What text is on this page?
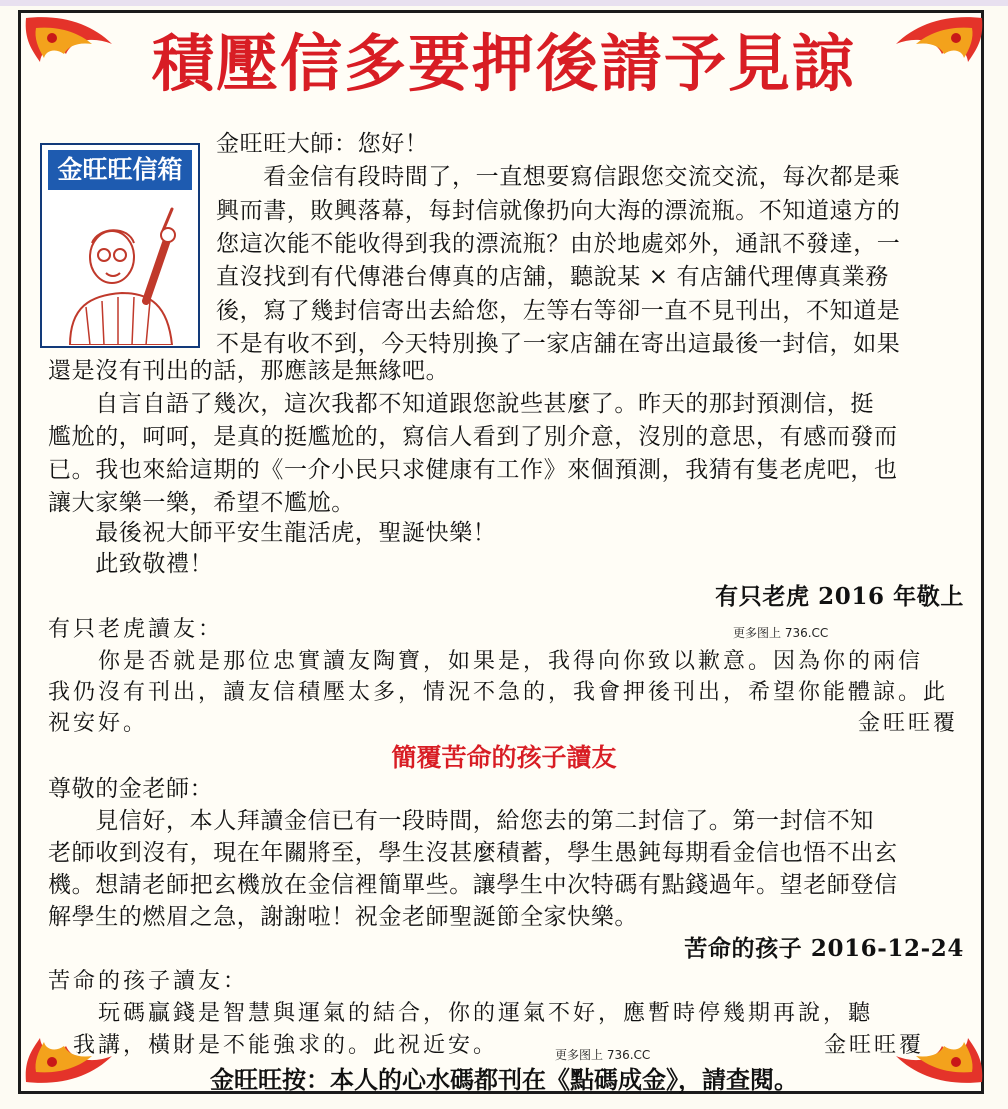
積壓信多要押後請予見諒
金旺旺信箱
金旺旺大師：您好！
　　看金信有段時間了，一直想要寫信跟您交流交流，每次都是乘
興而書，敗興落幕，每封信就像扔向大海的漂流瓶。不知道遠方的
您這次能不能收得到我的漂流瓶？由於地處郊外，通訊不發達，一
直沒找到有代傳港台傳真的店舖，聽說某 × 有店舖代理傳真業務
後，寫了幾封信寄出去給您，左等右等卻一直不見刊出，不知道是
不是有收不到，今天特別換了一家店舖在寄出這最後一封信，如果
還是沒有刊出的話，那應該是無緣吧。
　　自言自語了幾次，這次我都不知道跟您說些甚麼了。昨天的那封預測信，挺
尷尬的，呵呵，是真的挺尷尬的，寫信人看到了別介意，沒別的意思，有感而發而
已。我也來給這期的《一介小民只求健康有工作》來個預測，我猜有隻老虎吧，也
讓大家樂一樂，希望不尷尬。
　　最後祝大師平安生龍活虎，聖誕快樂！
　　此致敬禮！
有只老虎 2016 年敬上
有只老虎讀友：	更多图上 736.CC
　　你是否就是那位忠實讀友陶寶，如果是，我得向你致以歉意。因為你的兩信
我仍沒有刊出，讀友信積壓太多，情況不急的，我會押後刊出，希望你能體諒。此
祝安好。	金旺旺覆
簡覆苦命的孩子讀友
尊敬的金老師：
　　見信好，本人拜讀金信已有一段時間，給您去的第二封信了。第一封信不知
老師收到沒有，現在年關將至，學生沒甚麼積蓄，學生愚鈍每期看金信也悟不出玄
機。想請老師把玄機放在金信裡簡單些。讓學生中次特碼有點錢過年。望老師登信
解學生的燃眉之急，謝謝啦！祝金老師聖誕節全家快樂。
苦命的孩子 2016-12-24
苦命的孩子讀友：
　　玩碼贏錢是智慧與運氣的結合，你的運氣不好，應暫時停幾期再說，聽
　我講，橫財是不能強求的。此祝近安。	更多图上 736.CC	金旺旺覆
金旺旺按：本人的心水碼都刊在《點碼成金》，請查閱。
